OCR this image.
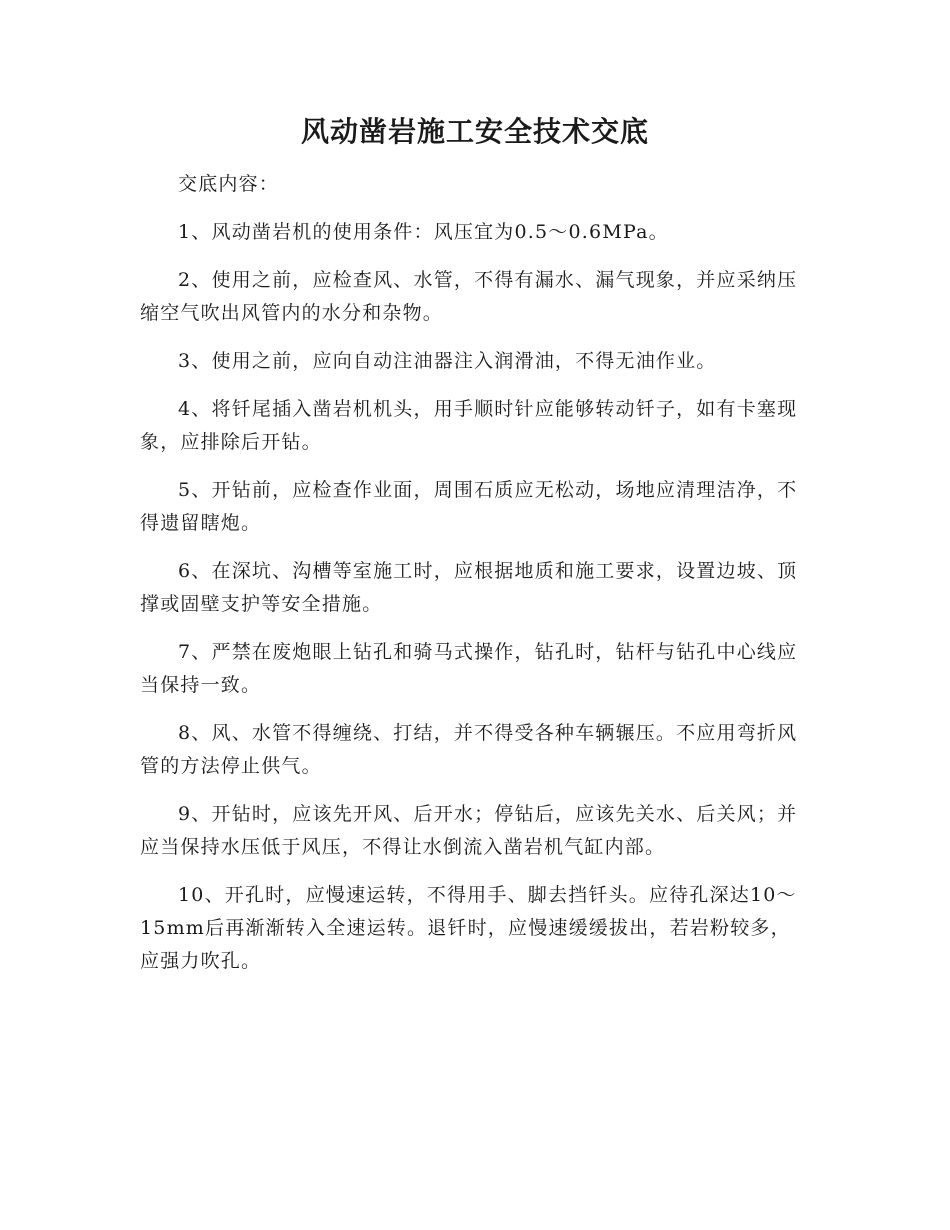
风动凿岩施工安全技术交底

交底内容：

1、风动凿岩机的使用条件：风压宜为0.5～0.6MPa。

2、使用之前，应检查风、水管，不得有漏水、漏气现象，并应采纳压缩空气吹出风管内的水分和杂物。

3、使用之前，应向自动注油器注入润滑油，不得无油作业。

4、将钎尾插入凿岩机机头，用手顺时针应能够转动钎子，如有卡塞现象，应排除后开钻。

5、开钻前，应检查作业面，周围石质应无松动，场地应清理洁净，不得遗留瞎炮。

6、在深坑、沟槽等室施工时，应根据地质和施工要求，设置边坡、顶撑或固壁支护等安全措施。

7、严禁在废炮眼上钻孔和骑马式操作，钻孔时，钻杆与钻孔中心线应当保持一致。

8、风、水管不得缠绕、打结，并不得受各种车辆辗压。不应用弯折风管的方法停止供气。

9、开钻时，应该先开风、后开水；停钻后，应该先关水、后关风；并应当保持水压低于风压，不得让水倒流入凿岩机气缸内部。

10、开孔时，应慢速运转，不得用手、脚去挡钎头。应待孔深达10～15mm后再渐渐转入全速运转。退钎时，应慢速缓缓拔出，若岩粉较多，应强力吹孔。
